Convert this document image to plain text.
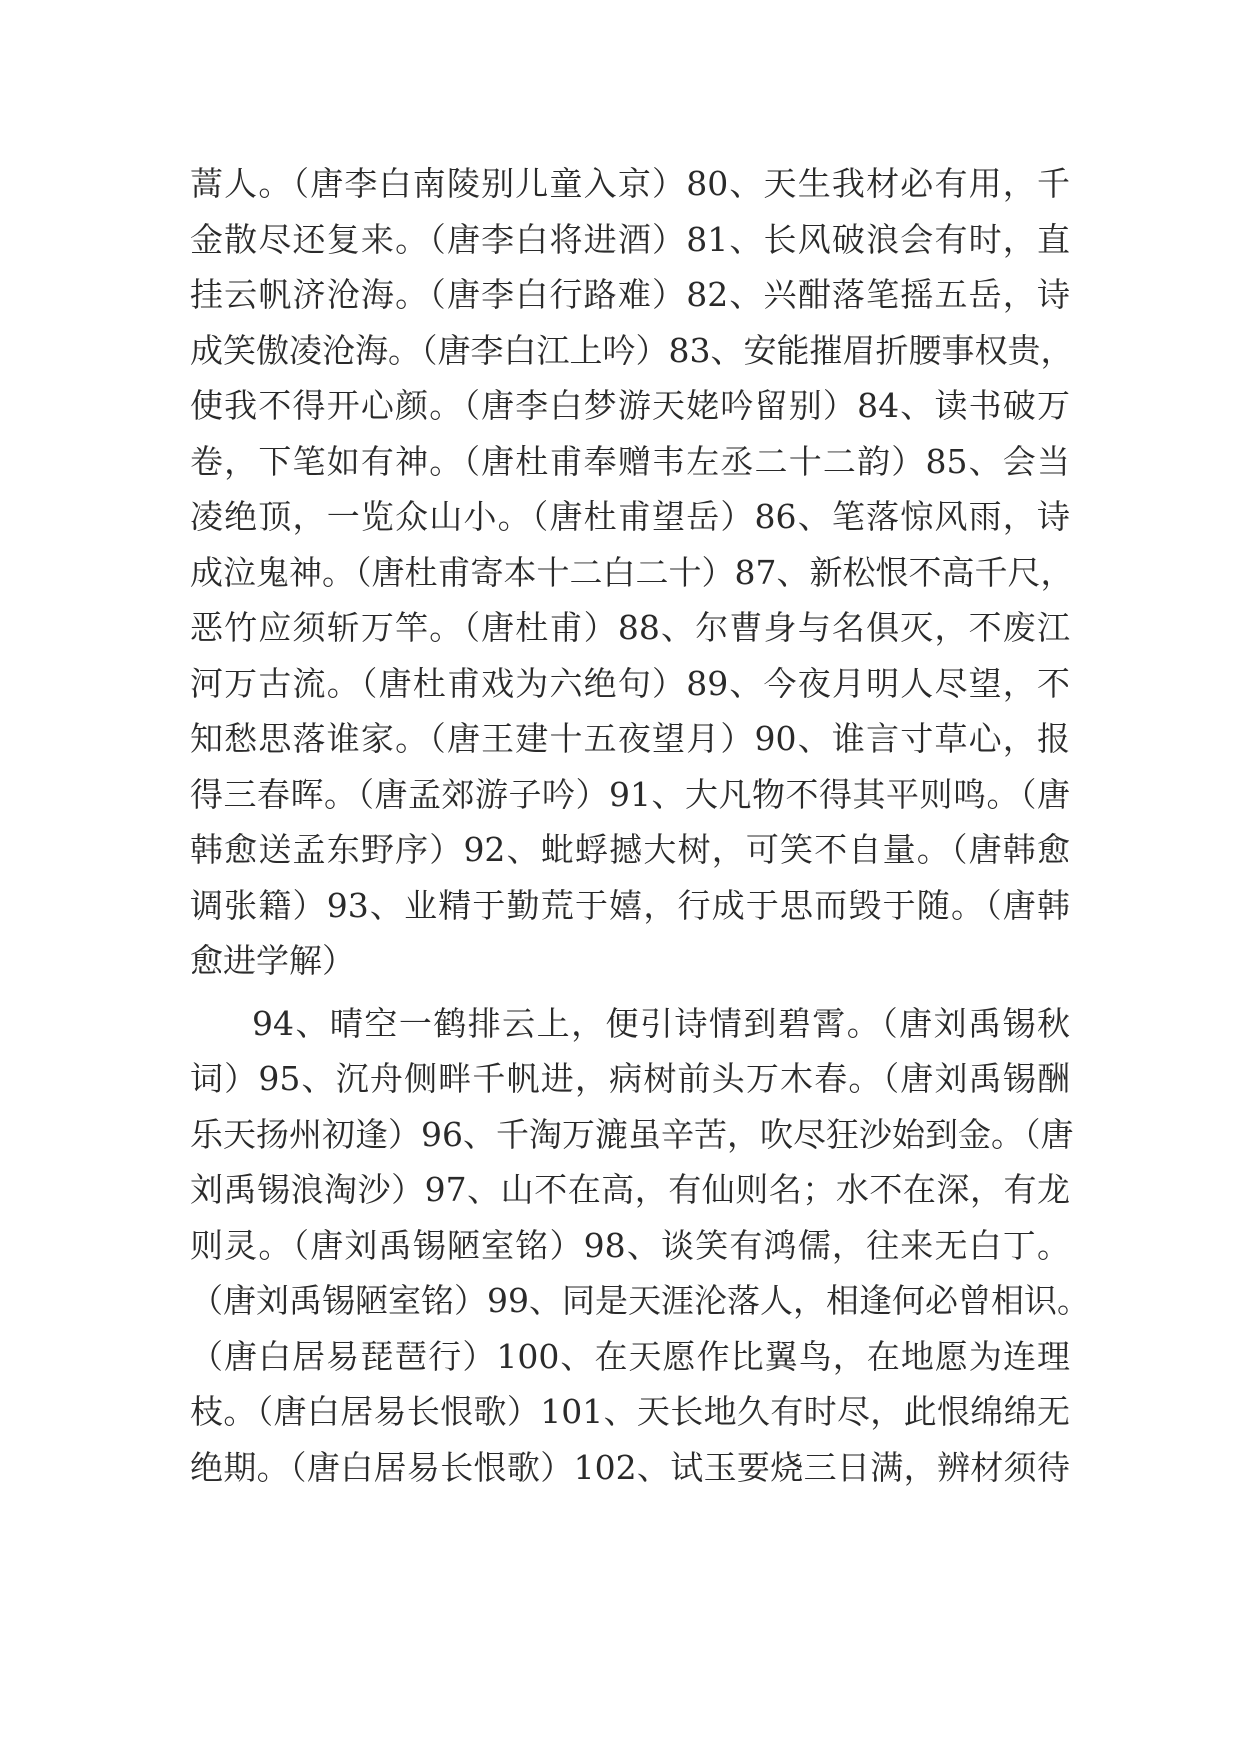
蒿人。（唐李白南陵别儿童入京）80、天生我材必有用，千
金散尽还复来。（唐李白将进酒）81、长风破浪会有时，直
挂云帆济沧海。（唐李白行路难）82、兴酣落笔摇五岳，诗
成笑傲凌沧海。（唐李白江上吟）83、安能摧眉折腰事权贵，
使我不得开心颜。（唐李白梦游天姥吟留别）84、读书破万
卷，下笔如有神。（唐杜甫奉赠韦左丞二十二韵）85、会当
凌绝顶，一览众山小。（唐杜甫望岳）86、笔落惊风雨，诗
成泣鬼神。（唐杜甫寄本十二白二十）87、新松恨不高千尺，
恶竹应须斩万竿。（唐杜甫）88、尔曹身与名俱灭，不废江
河万古流。（唐杜甫戏为六绝句）89、今夜月明人尽望，不
知愁思落谁家。（唐王建十五夜望月）90、谁言寸草心，报
得三春晖。（唐孟郊游子吟）91、大凡物不得其平则鸣。（唐
韩愈送孟东野序）92、蚍蜉撼大树，可笑不自量。（唐韩愈
调张籍）93、业精于勤荒于嬉，行成于思而毁于随。（唐韩
愈进学解）
94、晴空一鹤排云上，便引诗情到碧霄。（唐刘禹锡秋
词）95、沉舟侧畔千帆进，病树前头万木春。（唐刘禹锡酬
乐天扬州初逢）96、千淘万漉虽辛苦，吹尽狂沙始到金。（唐
刘禹锡浪淘沙）97、山不在高，有仙则名；水不在深，有龙
则灵。（唐刘禹锡陋室铭）98、谈笑有鸿儒，往来无白丁。
（唐刘禹锡陋室铭）99、同是天涯沦落人，相逢何必曾相识。
（唐白居易琵琶行）100、在天愿作比翼鸟，在地愿为连理
枝。（唐白居易长恨歌）101、天长地久有时尽，此恨绵绵无
绝期。（唐白居易长恨歌）102、试玉要烧三日满，辨材须待
